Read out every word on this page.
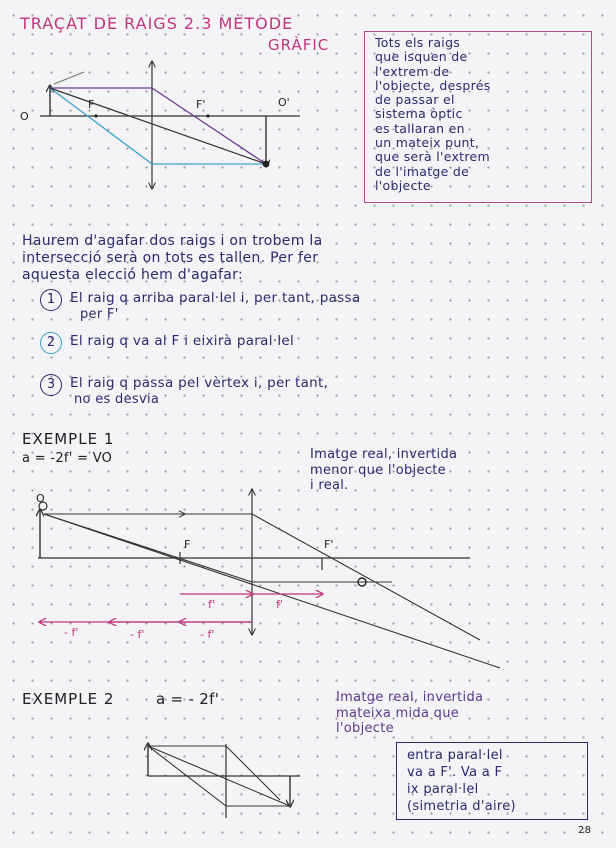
TRAÇAT DE RAIGS 2.3 MÈTODE
GRÀFIC	Tots els raigs
que isquen de
l'extrem de
l'objecte, després
de passar el
sistema òptic
es tallaran en
un mateix punt,
que serà l'extrem
de l'imatge de
l'objecte
O
F	F'	O'
Haurem d'agafar dos raigs i on trobem la
intersecció serà on tots es tallen. Per fer
aquesta elecció hem d'agafar:
1	El raig q arriba paral·lel i, per tant, passa
per F'
2	El raig q va al F i eixirà paral·lel
3	El raig q passa pel vèrtex i, per tant,
no es desvia
EXEMPLE 1
a = -2f' = VO	Imatge real, invertida
menor que l'objecte
i real.
O
F	F'
f'	f'
- f'	- f'	- f'
EXEMPLE 2	a = - 2f'	Imatge real, invertida
mateixa mida que
l'objecte
entra paral·lel
va a F'. Va a F
ix paral·lel
(simetria d'aire)
28
